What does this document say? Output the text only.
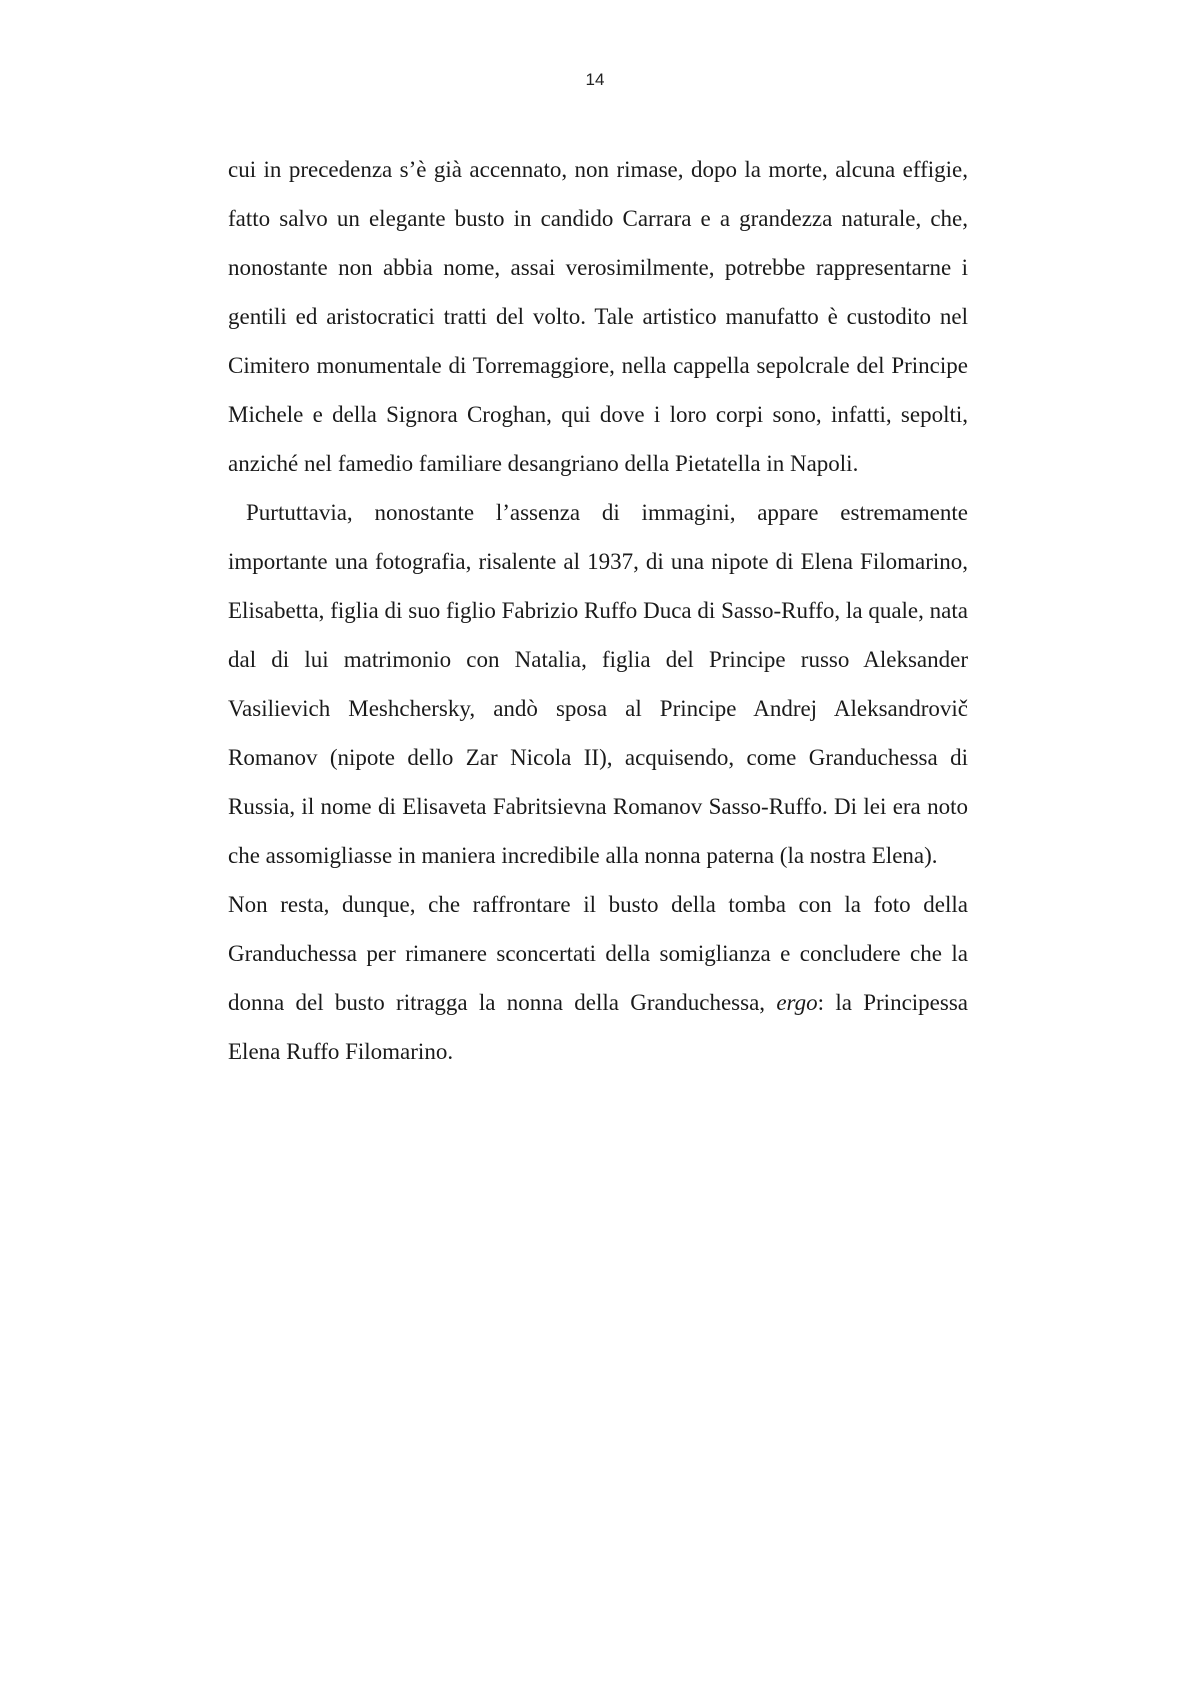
14

cui in precedenza s’è già accennato, non rimase, dopo la morte, alcuna effigie, fatto salvo un elegante busto in candido Carrara e a grandezza naturale, che, nonostante non abbia nome, assai verosimilmente, potrebbe rappresentarne i gentili ed aristocratici tratti del volto. Tale artistico manufatto è custodito nel Cimitero monumentale di Torremaggiore, nella cappella sepolcrale del Principe Michele e della Signora Croghan, qui dove i loro corpi sono, infatti, sepolti, anziché nel famedio familiare desangriano della Pietatella in Napoli.

Purtuttavia, nonostante l’assenza di immagini, appare estremamente importante una fotografia, risalente al 1937, di una nipote di Elena Filomarino, Elisabetta, figlia di suo figlio Fabrizio Ruffo Duca di Sasso-Ruffo, la quale, nata dal di lui matrimonio con Natalia, figlia del Principe russo Aleksander Vasilievich Meshchersky, andò sposa al Principe Andrej Aleksandrovič Romanov (nipote dello Zar Nicola II), acquisendo, come Granduchessa di Russia, il nome di Elisaveta Fabritsievna Romanov Sasso-Ruffo. Di lei era noto che assomigliasse in maniera incredibile alla nonna paterna (la nostra Elena).

Non resta, dunque, che raffrontare il busto della tomba con la foto della Granduchessa per rimanere sconcertati della somiglianza e concludere che la donna del busto ritragga la nonna della Granduchessa, ergo: la Principessa Elena Ruffo Filomarino.
